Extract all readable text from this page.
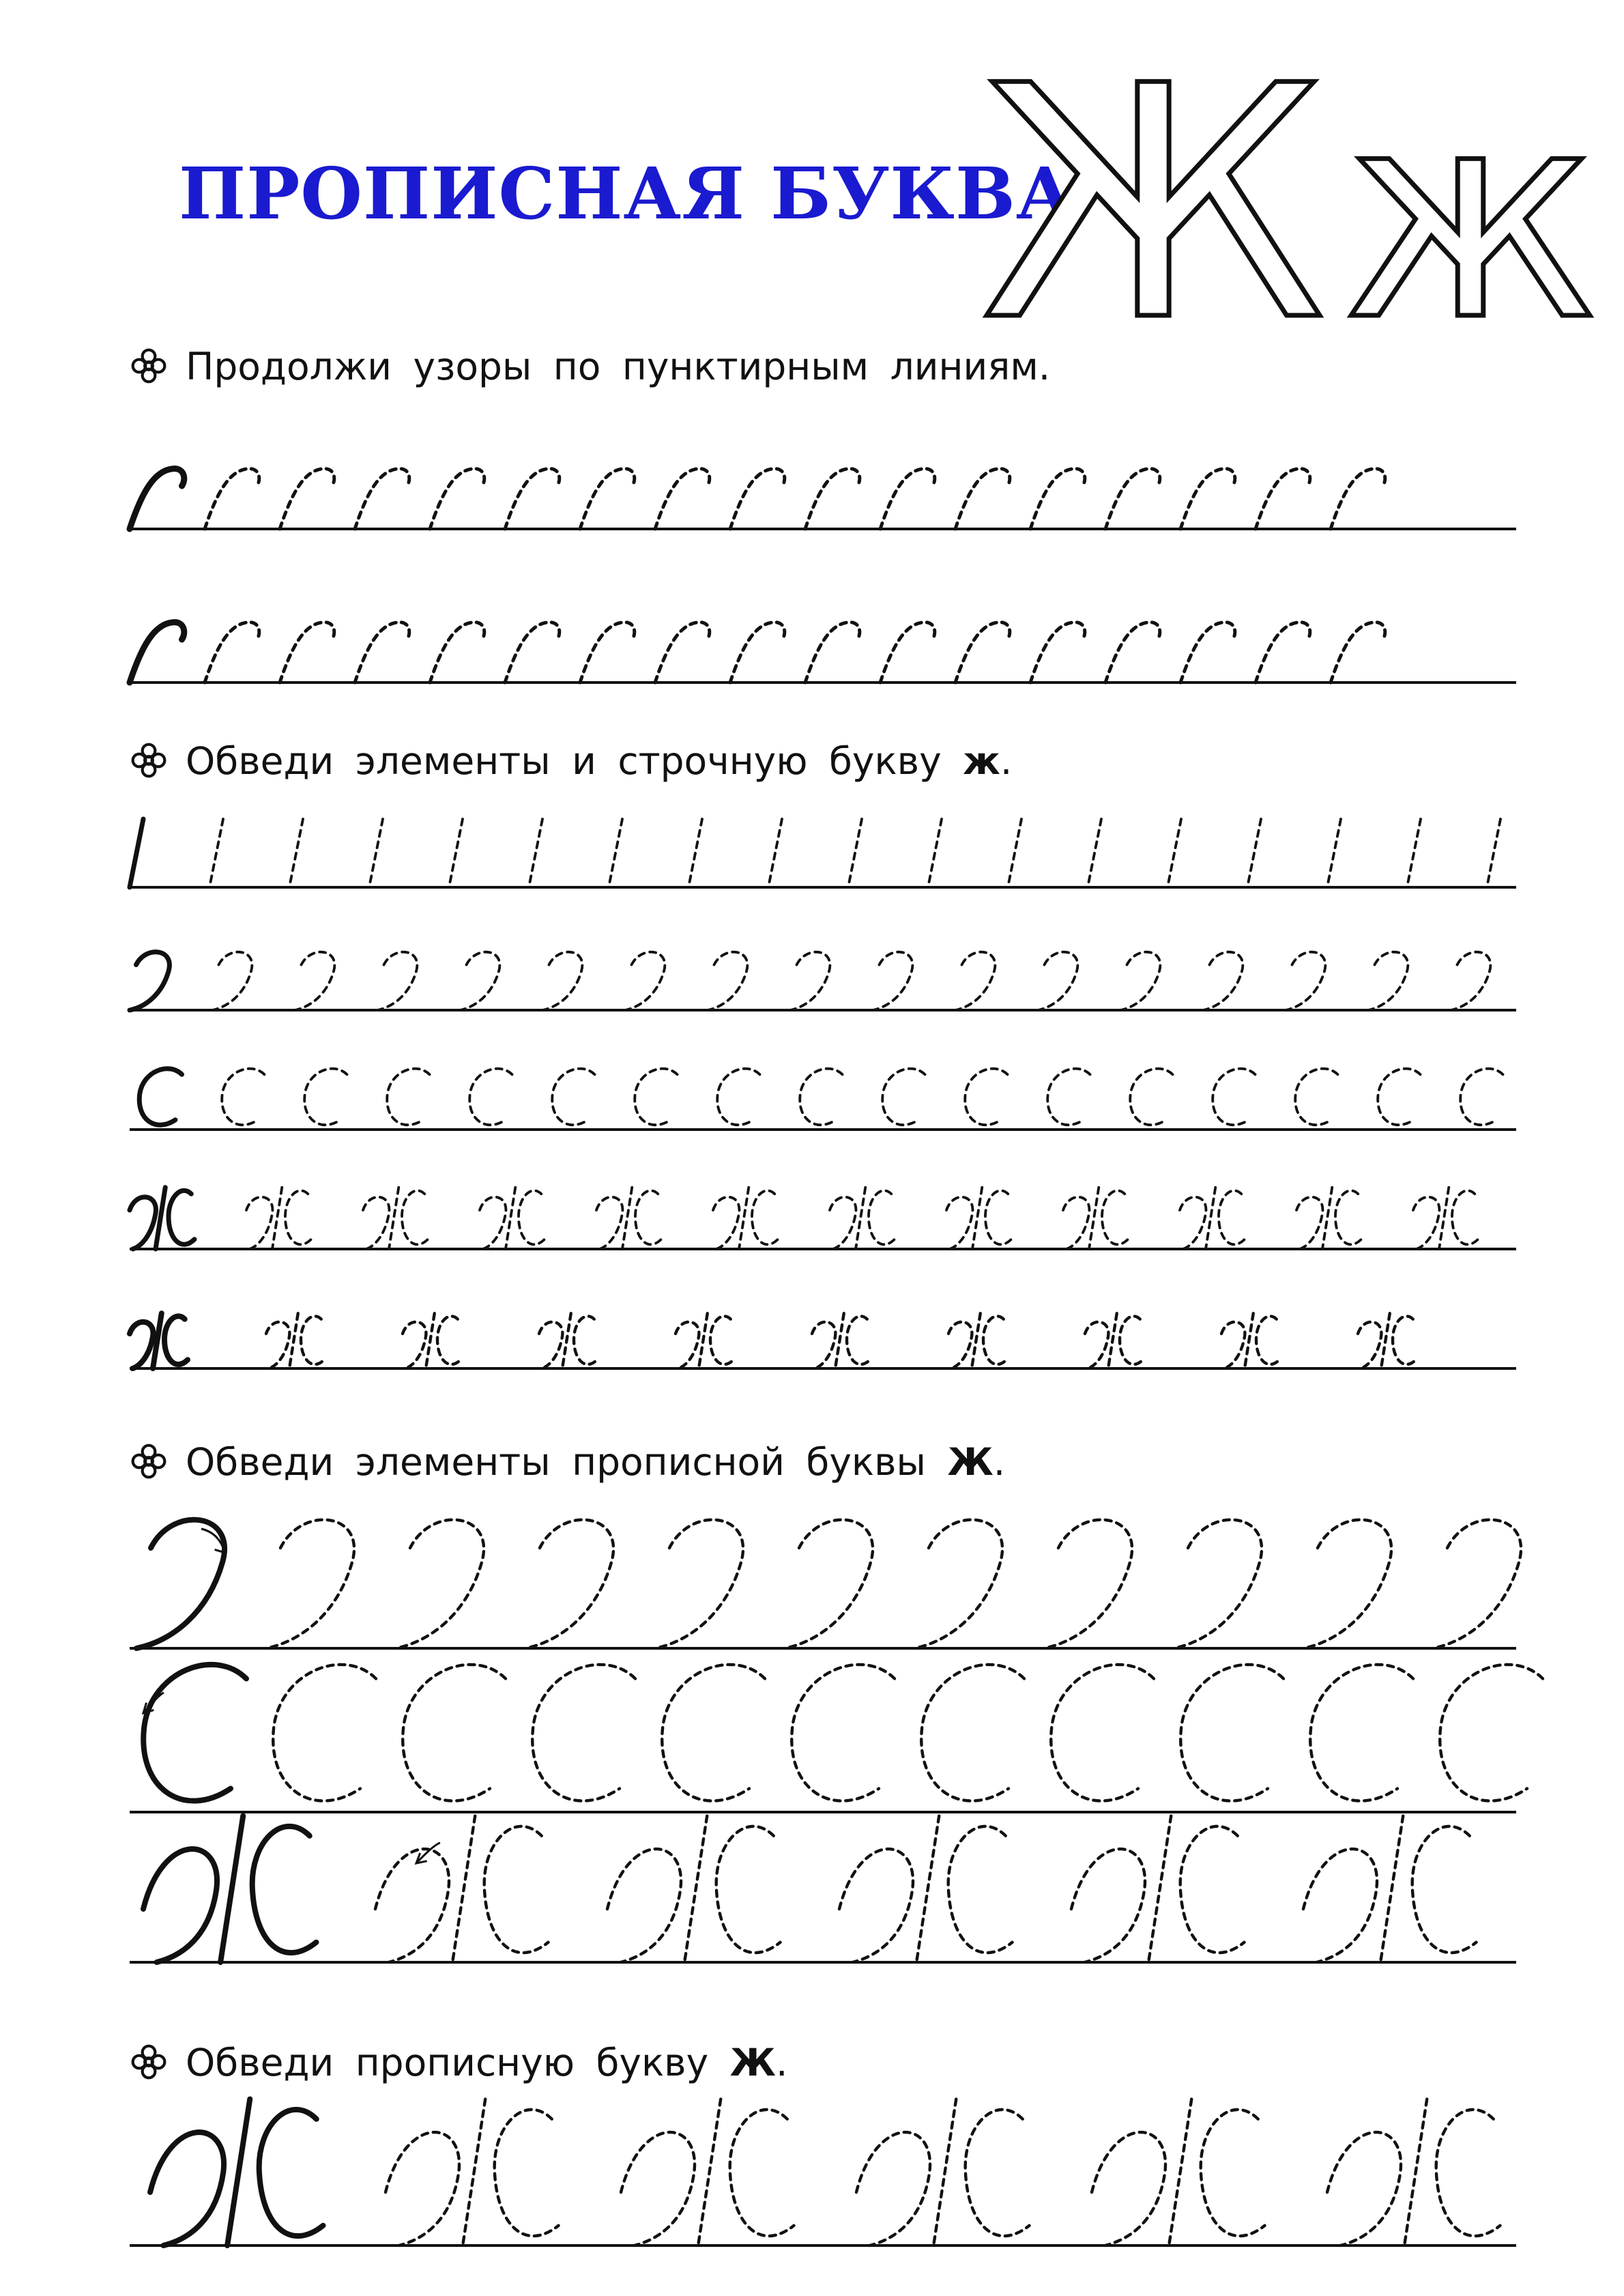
ПРОПИСНАЯ БУКВА
Ж ж
Продолжи узоры по пунктирным линиям.
Обведи элементы и строчную букву ж.
Обведи элементы прописной буквы Ж.
Обведи прописную букву Ж.
